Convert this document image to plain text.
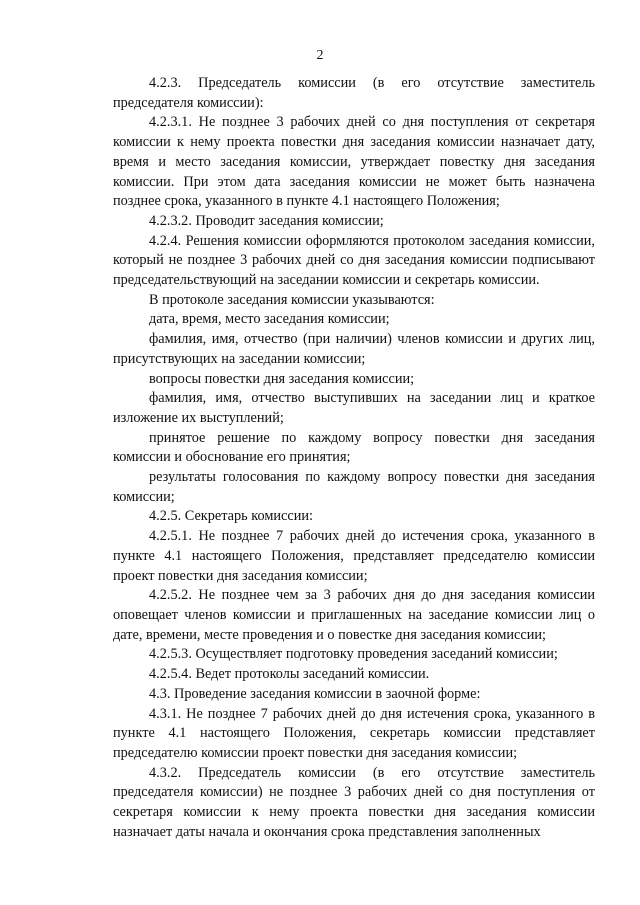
2

4.2.3. Председатель комиссии (в его отсутствие заместитель председателя комиссии):

4.2.3.1. Не позднее 3 рабочих дней со дня поступления от секретаря комиссии к нему проекта повестки дня заседания комиссии назначает дату, время и место заседания комиссии, утверждает повестку дня заседания комиссии. При этом дата заседания комиссии не может быть назначена позднее срока, указанного в пункте 4.1 настоящего Положения;

4.2.3.2. Проводит заседания комиссии;

4.2.4. Решения комиссии оформляются протоколом заседания комиссии, который не позднее 3 рабочих дней со дня заседания комиссии подписывают председательствующий на заседании комиссии и секретарь комиссии.

В протоколе заседания комиссии указываются:

дата, время, место заседания комиссии;

фамилия, имя, отчество (при наличии) членов комиссии и других лиц, присутствующих на заседании комиссии;

вопросы повестки дня заседания комиссии;

фамилия, имя, отчество выступивших на заседании лиц и краткое изложение их выступлений;

принятое решение по каждому вопросу повестки дня заседания комиссии и обоснование его принятия;

результаты голосования по каждому вопросу повестки дня заседания комиссии;

4.2.5. Секретарь комиссии:

4.2.5.1. Не позднее 7 рабочих дней до истечения срока, указанного в пункте 4.1 настоящего Положения, представляет председателю комиссии проект повестки дня заседания комиссии;

4.2.5.2. Не позднее чем за 3 рабочих дня до дня заседания комиссии оповещает членов комиссии и приглашенных на заседание комиссии лиц о дате, времени, месте проведения и о повестке дня заседания комиссии;

4.2.5.3. Осуществляет подготовку проведения заседаний комиссии;

4.2.5.4. Ведет протоколы заседаний комиссии.

4.3. Проведение заседания комиссии в заочной форме:

4.3.1. Не позднее 7 рабочих дней до дня истечения срока, указанного в пункте 4.1 настоящего Положения, секретарь комиссии представляет председателю комиссии проект повестки дня заседания комиссии;

4.3.2. Председатель комиссии (в его отсутствие заместитель председателя комиссии) не позднее 3 рабочих дней со дня поступления от секретаря комиссии к нему проекта повестки дня заседания комиссии назначает даты начала и окончания срока представления заполненных
